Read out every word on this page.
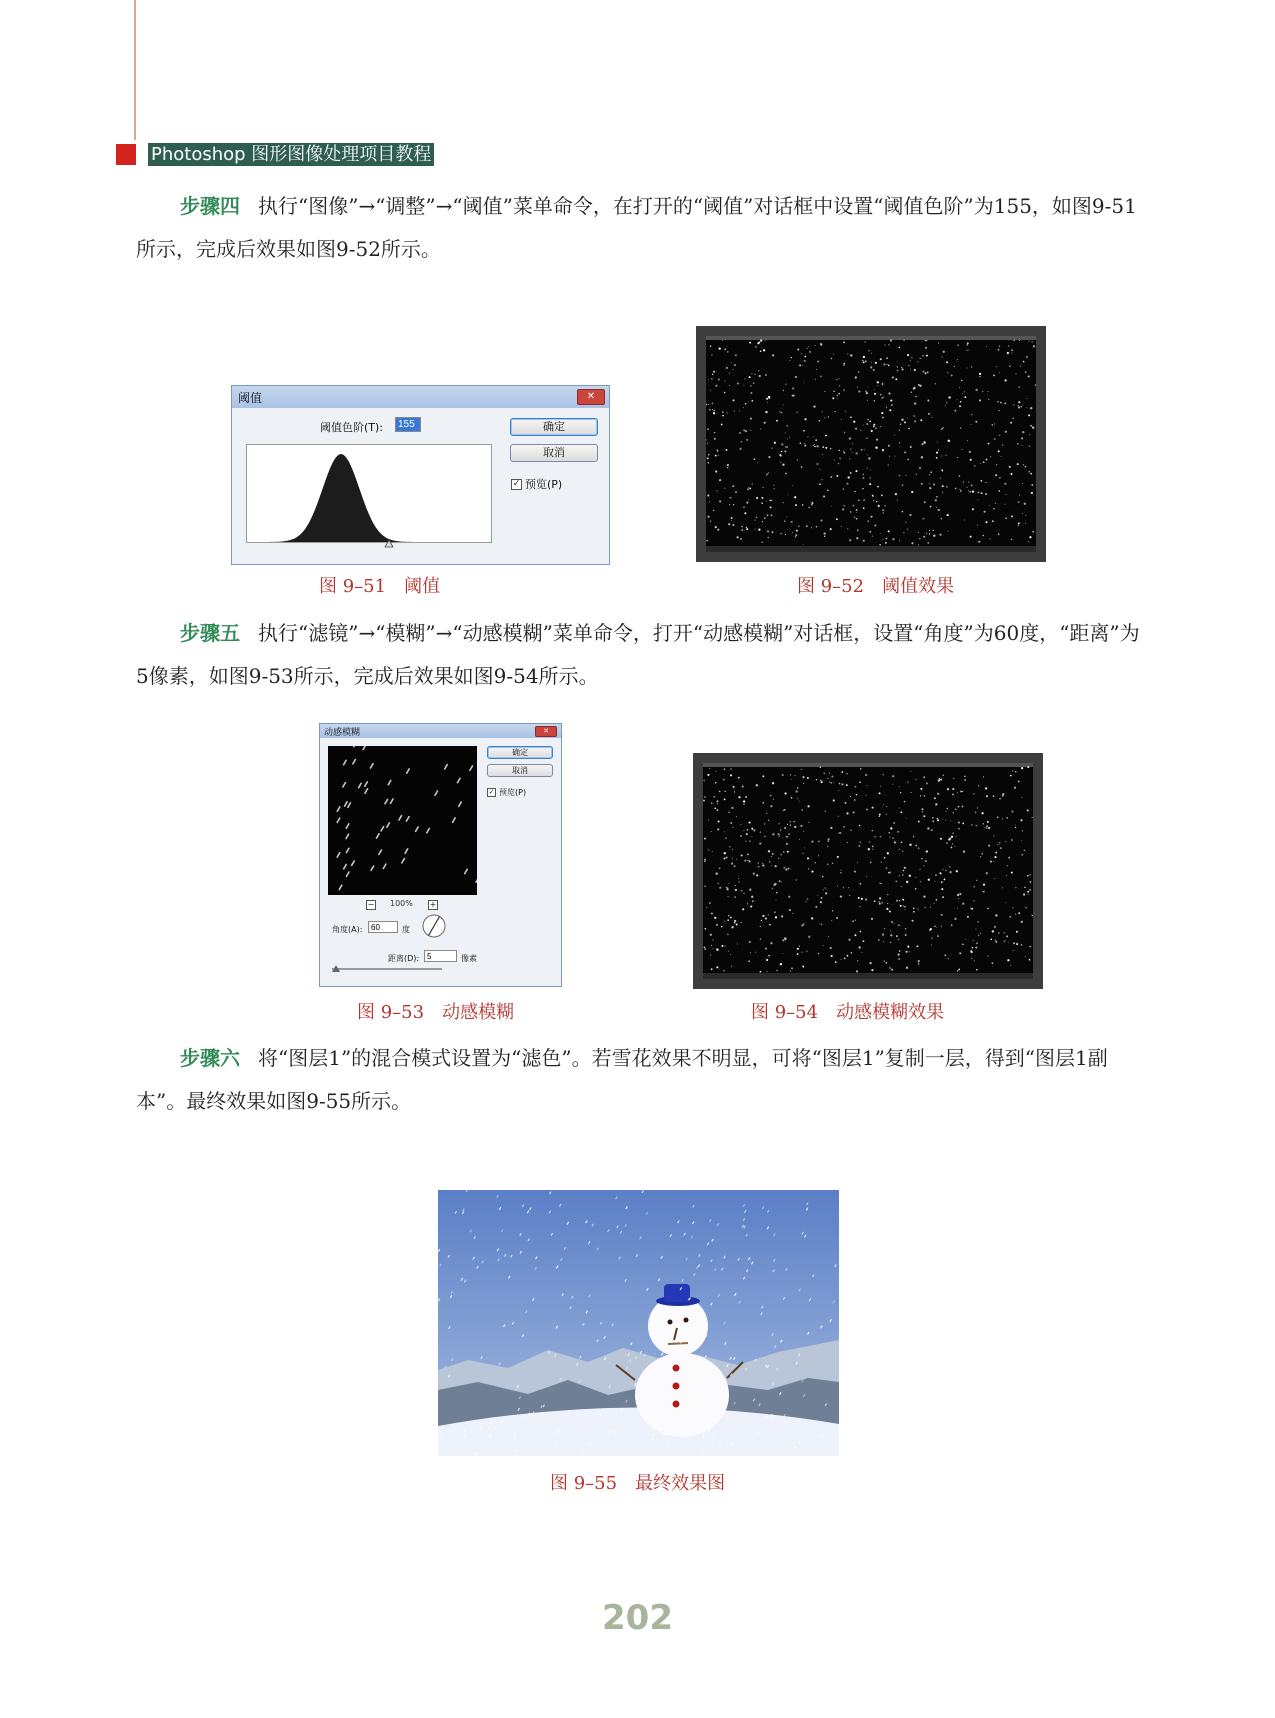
Photoshop 图形图像处理项目教程

步骤四 执行“图像”→“调整”→“阈值”菜单命令，在打开的“阈值”对话框中设置“阈值色阶”为155，如图9-51所示，完成后效果如图9-52所示。

阈值	✕
阈值色阶(T):
155	确定
取消
✓ 预览(P)
图 9–51　阈值	图 9–52　阈值效果

步骤五 执行“滤镜”→“模糊”→“动感模糊”菜单命令，打开“动感模糊”对话框，设置“角度”为60度，“距离”为5像素，如图9-53所示，完成后效果如图9-54所示。

动感模糊	✕
确定
取消
✓ 预览(P)
− 100% +
角度(A):
60	度
距离(D):
5	像素
图 9–53　动感模糊	图 9–54　动感模糊效果

步骤六 将“图层1”的混合模式设置为“滤色”。若雪花效果不明显，可将“图层1”复制一层，得到“图层1副本”。最终效果如图9-55所示。

图 9–55　最终效果图
202
